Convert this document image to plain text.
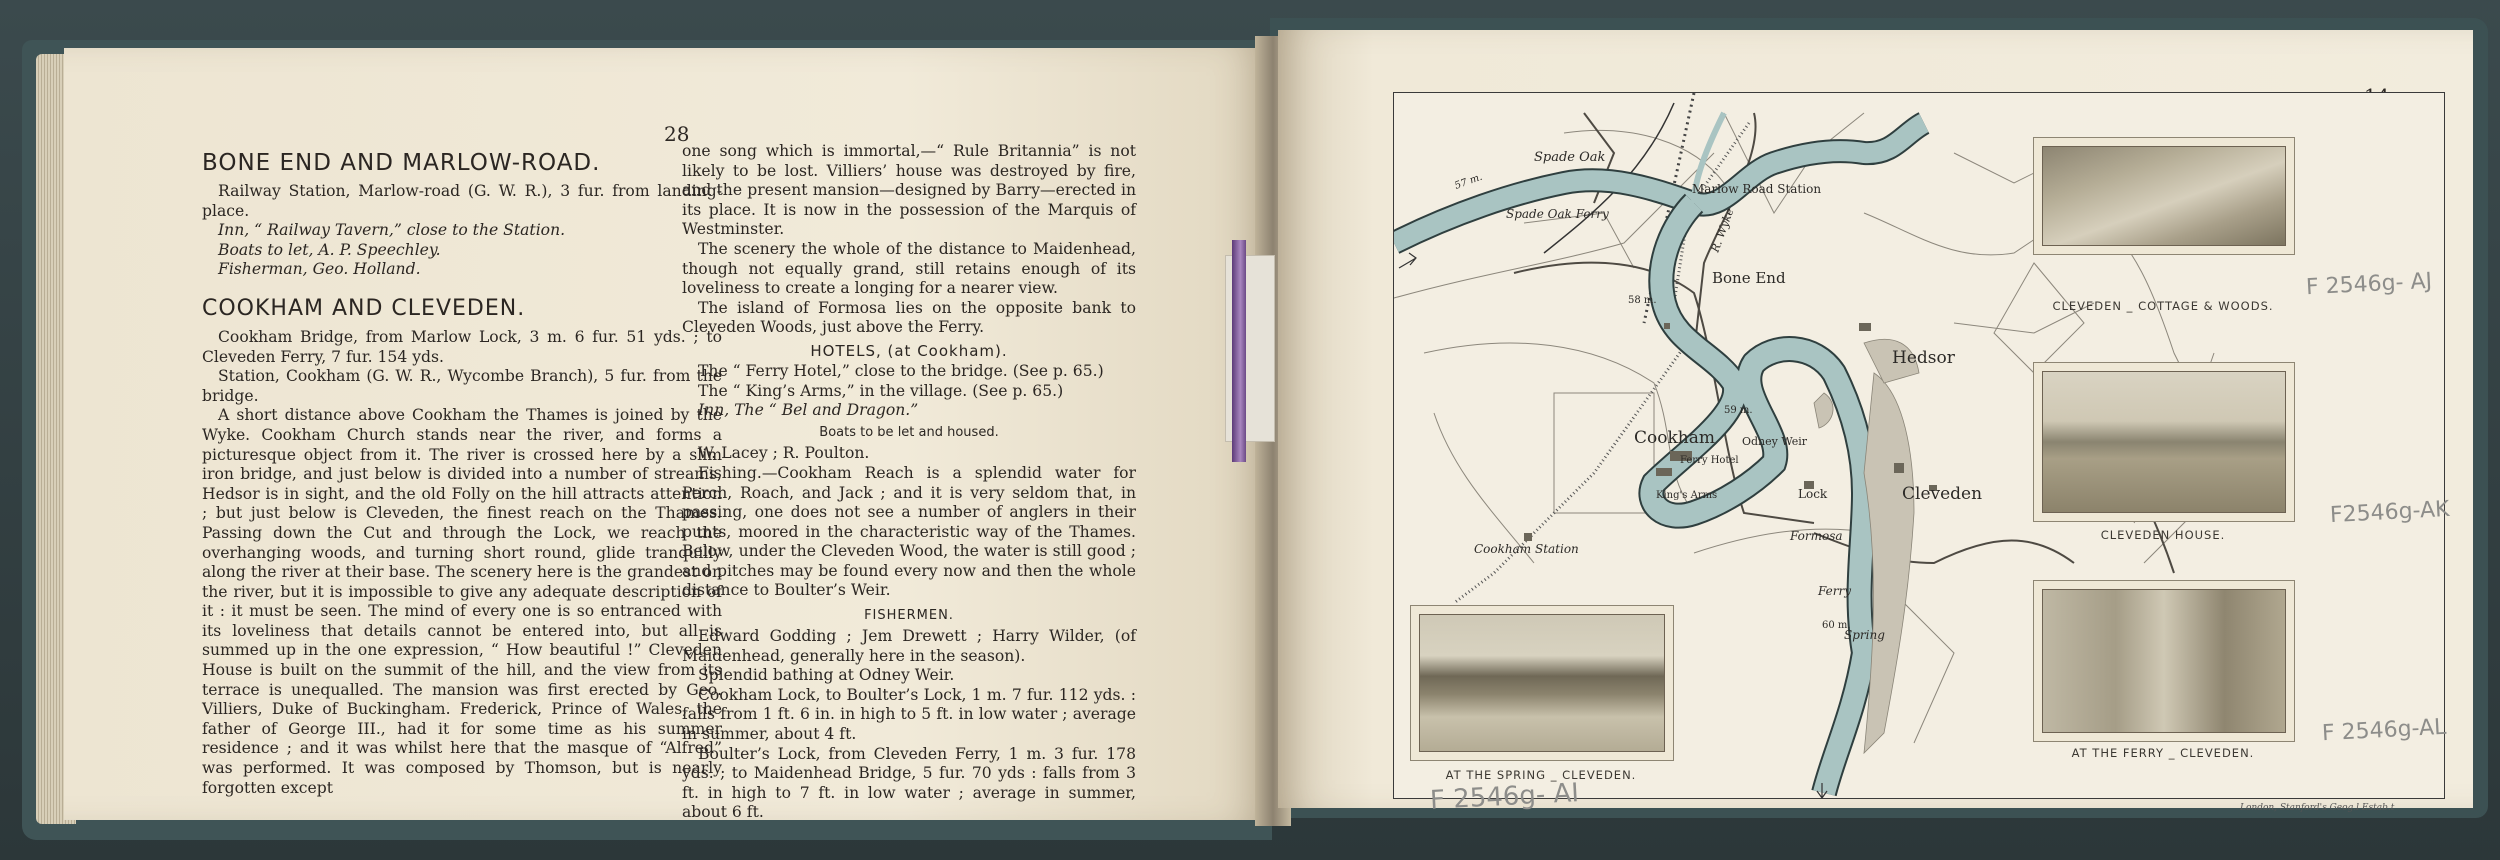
28
BONE END AND MARLOW-ROAD.

Railway Station, Marlow-road (G. W. R.), 3 fur. from landing-place.

Inn, “ Railway Tavern,” close to the Station.

Boats to let, A. P. Speechley.

Fisherman, Geo. Holland.

COOKHAM AND CLEVEDEN.

Cookham Bridge, from Marlow Lock, 3 m. 6 fur. 51 yds. ; to Cleveden Ferry, 7 fur. 154 yds.

Station, Cookham (G. W. R., Wycombe Branch), 5 fur. from the bridge.

A short distance above Cookham the Thames is joined by the Wyke. Cookham Church stands near the river, and forms a picturesque object from it. The river is crossed here by a slim iron bridge, and just below is divided into a number of streams, Hedsor is in sight, and the old Folly on the hill attracts attention ; but just below is Cleveden, the finest reach on the Thames. Passing down the Cut and through the Lock, we reach the overhanging woods, and turning short round, glide tranquilly along the river at their base. The scenery here is the grandest on the river, but it is impossible to give any adequate description of it : it must be seen. The mind of every one is so entranced with its loveliness that details cannot be entered into, but all is summed up in the one expression, “ How beautiful !” Cleveden House is built on the summit of the hill, and the view from its terrace is unequalled. The mansion was first erected by Geo. Villiers, Duke of Buckingham. Frederick, Prince of Wales, the father of George III., had it for some time as his summer residence ; and it was whilst here that the masque of “Alfred” was performed. It was composed by Thomson, but is nearly forgotten except

one song which is immortal,—“ Rule Britannia” is not likely to be lost. Villiers’ house was destroyed by fire, and the present mansion—designed by Barry—erected in its place. It is now in the possession of the Marquis of Westminster.

The scenery the whole of the distance to Maidenhead, though not equally grand, still retains enough of its loveliness to create a longing for a nearer view.

The island of Formosa lies on the opposite bank to Cleveden Woods, just above the Ferry.

HOTELS, (at Cookham).

The “ Ferry Hotel,” close to the bridge. (See p. 65.)

The “ King’s Arms,” in the village. (See p. 65.)

Inn, The “ Bel and Dragon.”

Boats to be let and housed.

W. Lacey ; R. Poulton.

Fishing.—Cookham Reach is a splendid water for Perch, Roach, and Jack ; and it is very seldom that, in passing, one does not see a number of anglers in their punts, moored in the characteristic way of the Thames. Below, under the Cleveden Wood, the water is still good ; and pitches may be found every now and then the whole distance to Boulter’s Weir.

FISHERMEN.

Edward Godding ; Jem Drewett ; Harry Wilder, (of Maidenhead, generally here in the season).

Splendid bathing at Odney Weir.

Cookham Lock, to Boulter’s Lock, 1 m. 7 fur. 112 yds. : falls from 1 ft. 6 in. in high to 5 ft. in low water ; average in summer, about 4 ft.

Boulter’s Lock, from Cleveden Ferry, 1 m. 3 fur. 178 yds. ; to Maidenhead Bridge, 5 fur. 70 yds : falls from 3 ft. in high to 7 ft. in low water ; average in summer, about 6 ft.

Spade Oak
Spade Oak Ferry
Marlow Road Station
R. Wyke
Bone End
Hedsor
Cookham
Ferry Hotel
Odney Weir
King's Arms	Lock
Formosa
Cleveden
Cookham Station
Ferry
Spring
57 m.
58 m.
59 m.
60 m.
CLEVEDEN _ COTTAGE & WOODS.
CLEVEDEN HOUSE.
AT THE FERRY _ CLEVEDEN.
AT THE SPRING _ CLEVEDEN.
F 2546g- AJ
F2546g-AK
F 2546g-AL
F 2546g- AI	London, Stanford's Geog.l Estab.t
